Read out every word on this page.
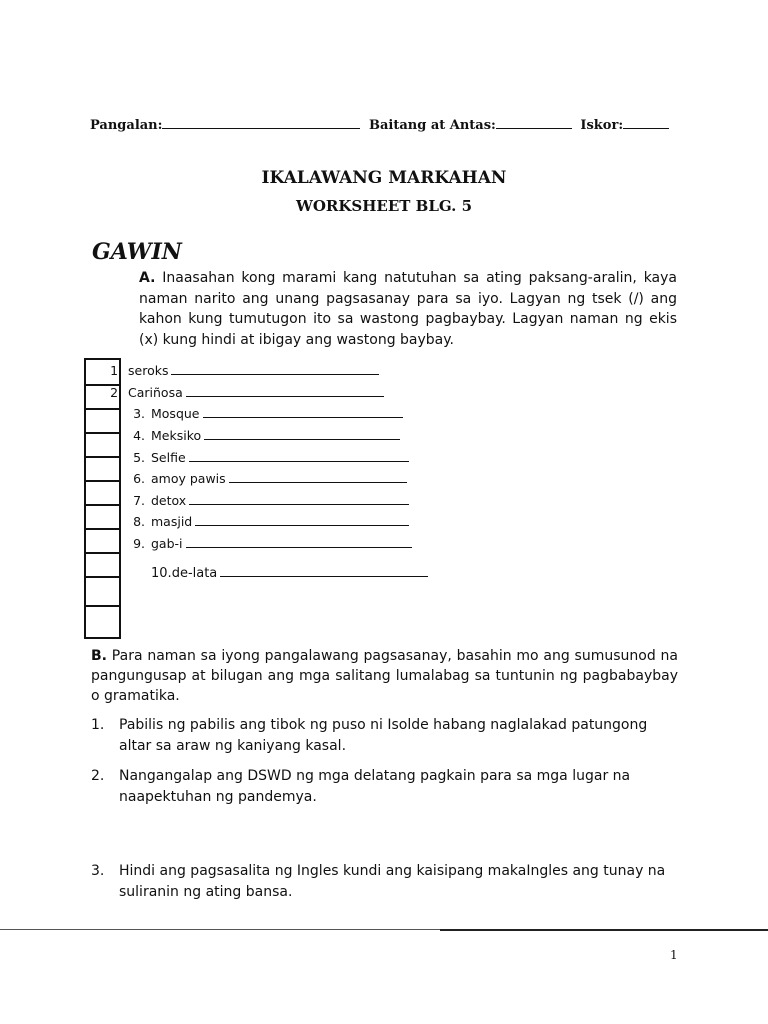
Pangalan:	Baitang at Antas:	Iskor:
IKALAWANG MARKAHAN
WORKSHEET BLG. 5
GAWIN
A. Inaasahan kong marami kang natutuhan sa ating paksang-aralin, kaya naman narito ang unang pagsasanay para sa iyo. Lagyan ng tsek (/) ang kahon kung tumutugon ito sa wastong pagbaybay. Lagyan naman ng ekis (x) kung hindi at ibigay ang wastong baybay.
1. seroks
2. Cariñosa
3. Mosque
4. Meksiko
5. Selfie
6. amoy pawis
7. detox
8. masjid
9. gab-i
10.de-lata
B. Para naman sa iyong pangalawang pagsasanay, basahin mo ang sumusunod na pangungusap at bilugan ang mga salitang lumalabag sa tuntunin ng pagbabaybay o gramatika.
1. Pabilis ng pabilis ang tibok ng puso ni Isolde habang naglalakad patungong altar sa araw ng kaniyang kasal.
2. Nangangalap ang DSWD ng mga delatang pagkain para sa mga lugar na naapektuhan ng pandemya.
3. Hindi ang pagsasalita ng Ingles kundi ang kaisipang makaIngles ang tunay na suliranin ng ating bansa.
1
